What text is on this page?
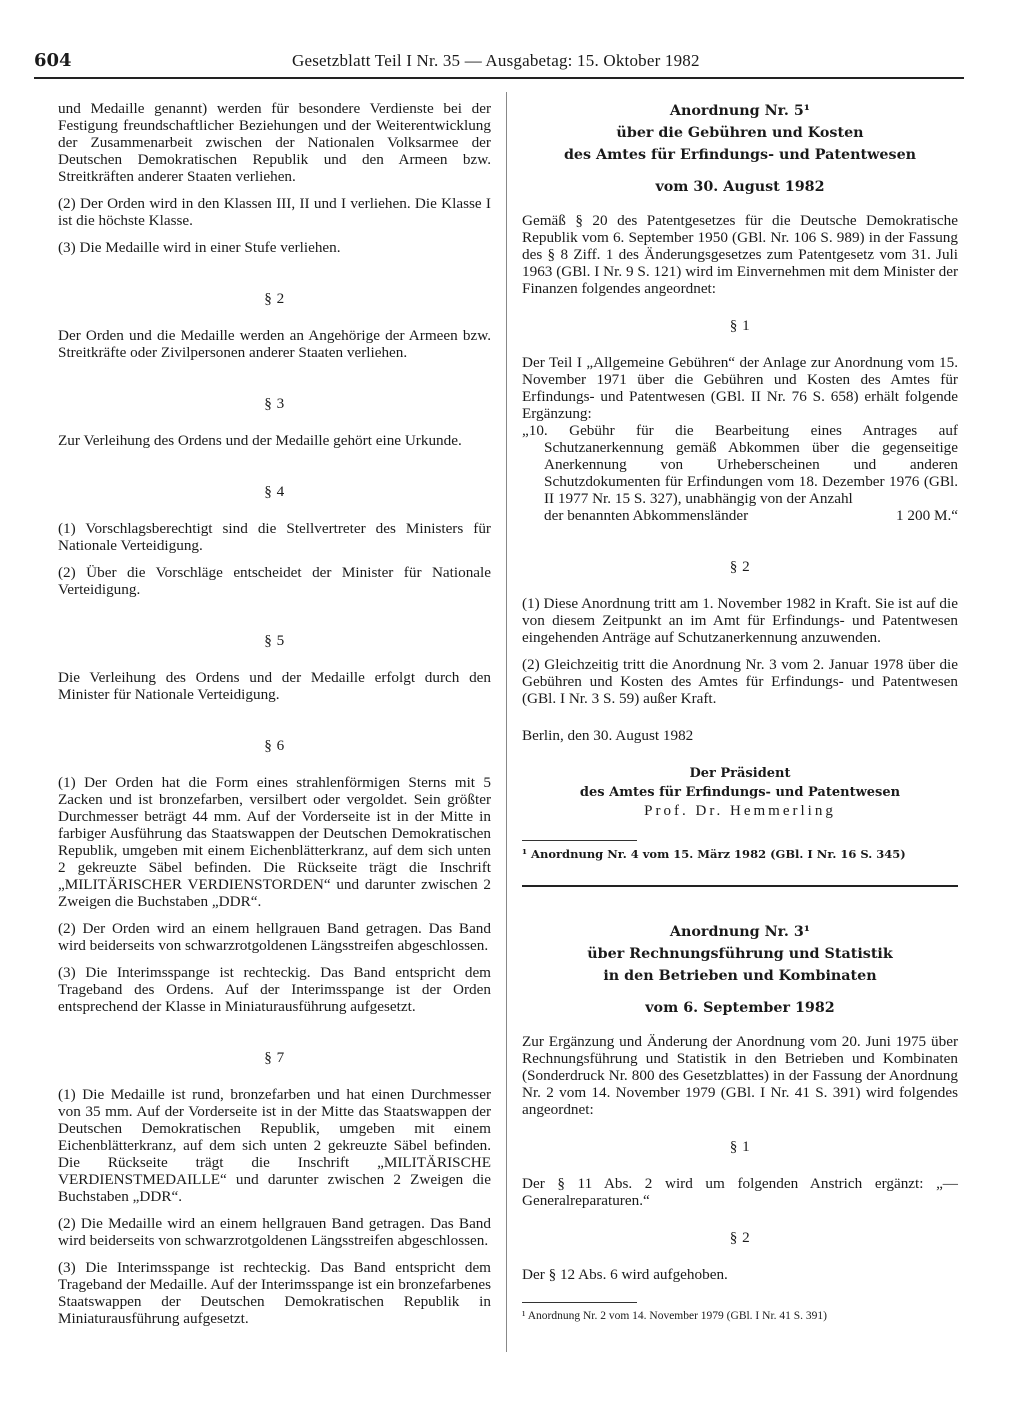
604	Gesetzblatt Teil I Nr. 35 — Ausgabetag: 15. Oktober 1982

und Medaille genannt) werden für besondere Verdienste bei der Festigung freundschaftlicher Beziehungen und der Weiterentwicklung der Zusammenarbeit zwischen der Nationalen Volksarmee der Deutschen Demokratischen Republik und den Armeen bzw. Streitkräften anderer Staaten verliehen.

(2) Der Orden wird in den Klassen III, II und I verliehen. Die Klasse I ist die höchste Klasse.

(3) Die Medaille wird in einer Stufe verliehen.

§ 2

Der Orden und die Medaille werden an Angehörige der Armeen bzw. Streitkräfte oder Zivilpersonen anderer Staaten verliehen.

§ 3

Zur Verleihung des Ordens und der Medaille gehört eine Urkunde.

§ 4

(1) Vorschlagsberechtigt sind die Stellvertreter des Ministers für Nationale Verteidigung.

(2) Über die Vorschläge entscheidet der Minister für Nationale Verteidigung.

§ 5

Die Verleihung des Ordens und der Medaille erfolgt durch den Minister für Nationale Verteidigung.

§ 6

(1) Der Orden hat die Form eines strahlenförmigen Sterns mit 5 Zacken und ist bronzefarben, versilbert oder vergoldet. Sein größter Durchmesser beträgt 44 mm. Auf der Vorderseite ist in der Mitte in farbiger Ausführung das Staatswappen der Deutschen Demokratischen Republik, umgeben mit einem Eichenblätterkranz, auf dem sich unten 2 gekreuzte Säbel befinden. Die Rückseite trägt die Inschrift „MILITÄRISCHER VERDIENSTORDEN“ und darunter zwischen 2 Zweigen die Buchstaben „DDR“.

(2) Der Orden wird an einem hellgrauen Band getragen. Das Band wird beiderseits von schwarzrotgoldenen Längsstreifen abgeschlossen.

(3) Die Interimsspange ist rechteckig. Das Band entspricht dem Trageband des Ordens. Auf der Interimsspange ist der Orden entsprechend der Klasse in Miniaturausführung aufgesetzt.

§ 7

(1) Die Medaille ist rund, bronzefarben und hat einen Durchmesser von 35 mm. Auf der Vorderseite ist in der Mitte das Staatswappen der Deutschen Demokratischen Republik, umgeben mit einem Eichenblätterkranz, auf dem sich unten 2 gekreuzte Säbel befinden. Die Rückseite trägt die Inschrift „MILITÄRISCHE VERDIENSTMEDAILLE“ und darunter zwischen 2 Zweigen die Buchstaben „DDR“.

(2) Die Medaille wird an einem hellgrauen Band getragen. Das Band wird beiderseits von schwarzrotgoldenen Längsstreifen abgeschlossen.

(3) Die Interimsspange ist rechteckig. Das Band entspricht dem Trageband der Medaille. Auf der Interimsspange ist ein bronzefarbenes Staatswappen der Deutschen Demokratischen Republik in Miniaturausführung aufgesetzt.

Anordnung Nr. 5¹
über die Gebühren und Kosten
des Amtes für Erfindungs- und Patentwesen
vom 30. August 1982

Gemäß § 20 des Patentgesetzes für die Deutsche Demokratische Republik vom 6. September 1950 (GBl. Nr. 106 S. 989) in der Fassung des § 8 Ziff. 1 des Änderungsgesetzes zum Patentgesetz vom 31. Juli 1963 (GBl. I Nr. 9 S. 121) wird im Einvernehmen mit dem Minister der Finanzen folgendes angeordnet:

§ 1

Der Teil I „Allgemeine Gebühren“ der Anlage zur Anordnung vom 15. November 1971 über die Gebühren und Kosten des Amtes für Erfindungs- und Patentwesen (GBl. II Nr. 76 S. 658) erhält folgende Ergänzung:

„10. Gebühr für die Bearbeitung eines Antrages auf Schutzanerkennung gemäß Abkommen über die gegenseitige Anerkennung von Urheberscheinen und anderen Schutzdokumenten für Erfindungen vom 18. Dezember 1976 (GBl. II 1977 Nr. 15 S. 327), unabhängig von der Anzahl

der benannten Abkommensländer	1 200 M.“
§ 2

(1) Diese Anordnung tritt am 1. November 1982 in Kraft. Sie ist auf die von diesem Zeitpunkt an im Amt für Erfindungs- und Patentwesen eingehenden Anträge auf Schutzanerkennung anzuwenden.

(2) Gleichzeitig tritt die Anordnung Nr. 3 vom 2. Januar 1978 über die Gebühren und Kosten des Amtes für Erfindungs- und Patentwesen (GBl. I Nr. 3 S. 59) außer Kraft.

Berlin, den 30. August 1982

Der Präsident
des Amtes für Erfindungs- und Patentwesen
Prof. Dr. Hemmerling
¹ Anordnung Nr. 4 vom 15. März 1982 (GBl. I Nr. 16 S. 345)
Anordnung Nr. 3¹
über Rechnungsführung und Statistik
in den Betrieben und Kombinaten
vom 6. September 1982

Zur Ergänzung und Änderung der Anordnung vom 20. Juni 1975 über Rechnungsführung und Statistik in den Betrieben und Kombinaten (Sonderdruck Nr. 800 des Gesetzblattes) in der Fassung der Anordnung Nr. 2 vom 14. November 1979 (GBl. I Nr. 41 S. 391) wird folgendes angeordnet:

§ 1

Der § 11 Abs. 2 wird um folgenden Anstrich ergänzt: „— Generalreparaturen.“

§ 2

Der § 12 Abs. 6 wird aufgehoben.

¹ Anordnung Nr. 2 vom 14. November 1979 (GBl. I Nr. 41 S. 391)
